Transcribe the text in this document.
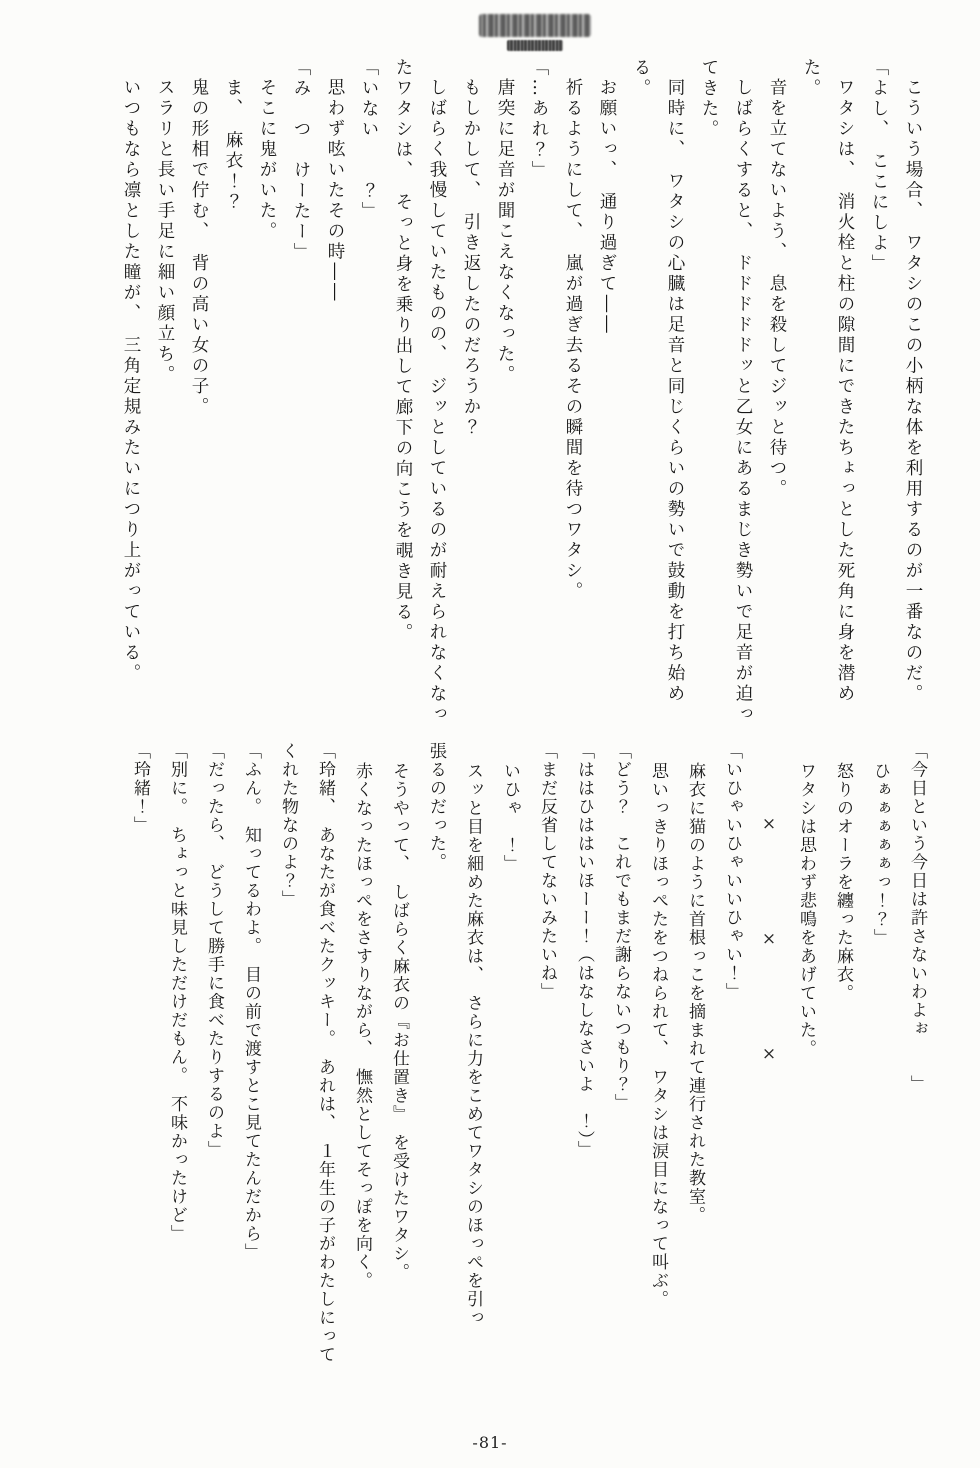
こういう場合、　ワタシのこの小柄な体を利用するのが一番なのだ。

「よし、　ここにしよ」

ワタシは、　消火栓と柱の隙間にできたちょっとした死角に身を潜め

た。

音を立てないよう、　息を殺してジッと待つ。

しばらくすると、　ドドドドドッと乙女にあるまじき勢いで足音が迫っ

てきた。

同時に、　ワタシの心臓は足音と同じくらいの勢いで鼓動を打ち始め

る。

お願いっ、　通り過ぎて――

祈るようにして、　嵐が過ぎ去るその瞬間を待つワタシ。

「…あれ？」

唐突に足音が聞こえなくなった。

もしかして、　引き返したのだろうか？

しばらく我慢していたものの、　ジッとしているのが耐えられなくなっ

たワタシは、　そっと身を乗り出して廊下の向こうを覗き見る。

「いない　　？」

思わず呟いたその時――

「み　つ　けーたー」

そこに鬼がいた。

ま、　麻衣！？

鬼の形相で佇む、　背の高い女の子。

スラリと長い手足に細い顔立ち。

いつもなら凛とした瞳が、　三角定規みたいにつり上がっている。

「今日という今日は許さないわよぉ　　」

ひぁぁぁぁぁっ！？」

怒りのオーラを纏った麻衣。

ワタシは思わず悲鳴をあげていた。

×　　　×　　　×

「いひゃいひゃいいひゃい！」

麻衣に猫のように首根っこを摘まれて連行された教室。

思いっきりほっぺたをつねられて、　ワタシは涙目になって叫ぶ。

「どう？　これでもまだ謝らないつもり？」

「ははひははいほーー！（はなしなさいよ　！）」

「まだ反省してないみたいね」

いひゃ　！」

スッと目を細めた麻衣は、　さらに力をこめてワタシのほっぺを引っ

張るのだった。

そうやって、　しばらく麻衣の『お仕置き』　を受けたワタシ。

赤くなったほっぺをさすりながら、　憮然としてそっぽを向く。

「玲緒、　あなたが食べたクッキー。　あれは、　１年生の子がわたしにって

くれた物なのよ？」

「ふん。　知ってるわよ。　目の前で渡すとこ見てたんだから」

「だったら、　どうして勝手に食べたりするのよ」

「別に。　ちょっと味見しただけだもん。　不味かったけど」

「玲緒！」

-81-
